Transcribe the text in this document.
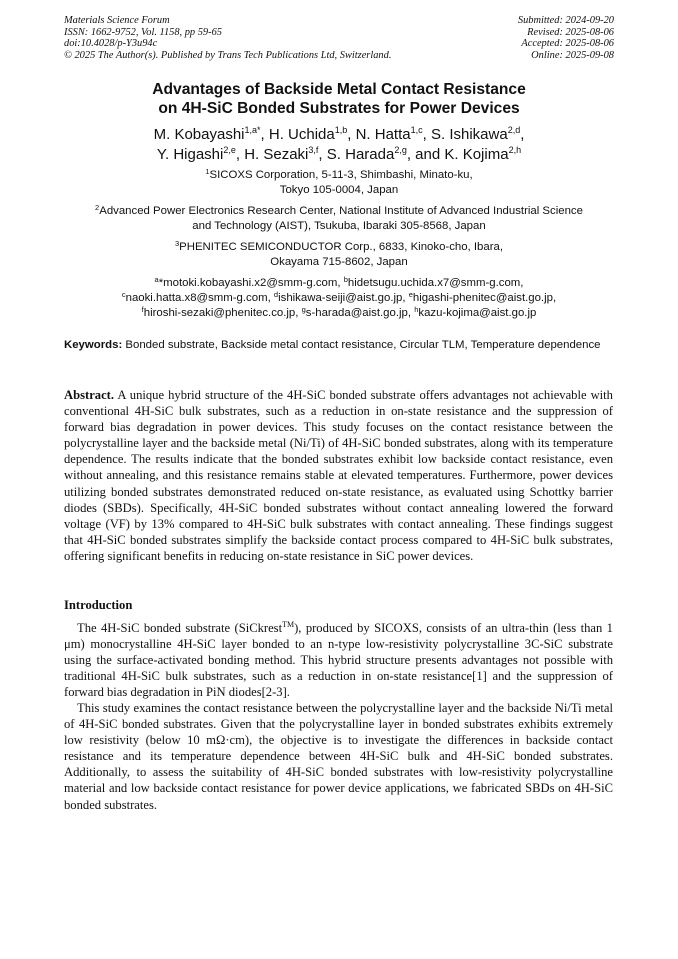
Materials Science Forum
ISSN: 1662-9752, Vol. 1158, pp 59-65
doi:10.4028/p-Y3u94c
© 2025 The Author(s). Published by Trans Tech Publications Ltd, Switzerland.
Submitted: 2024-09-20
Revised: 2025-08-06
Accepted: 2025-08-06
Online: 2025-09-08
Advantages of Backside Metal Contact Resistance
on 4H-SiC Bonded Substrates for Power Devices
M. Kobayashi$^{1,a*}$, H. Uchida$^{1,b}$, N. Hatta$^{1,c}$, S. Ishikawa$^{2,d}$,
Y. Higashi$^{2,e}$, H. Sezaki$^{3,f}$, S. Harada$^{2,g}$, and K. Kojima$^{2,h}$
$^1$SICOXS Corporation, 5-11-3, Shimbashi, Minato-ku,
Tokyo 105-0004, Japan
$^2$Advanced Power Electronics Research Center, National Institute of Advanced Industrial Science
and Technology (AIST), Tsukuba, Ibaraki 305-8568, Japan
$^3$PHENITEC SEMICONDUCTOR Corp., 6833, Kinoko-cho, Ibara,
Okayama 715-8602, Japan
$^a$*motoki.kobayashi.x2@smm-g.com, $^b$hidetsugu.uchida.x7@smm-g.com,
$^c$naoki.hatta.x8@smm-g.com, $^d$ishikawa-seiji@aist.go.jp, $^e$higashi-phenitec@aist.go.jp,
$^f$hiroshi-sezaki@phenitec.co.jp, $^g$s-harada@aist.go.jp, $^h$kazu-kojima@aist.go.jp
Keywords: Bonded substrate, Backside metal contact resistance, Circular TLM, Temperature dependence
Abstract. A unique hybrid structure of the 4H-SiC bonded substrate offers advantages not achievable with conventional 4H-SiC bulk substrates, such as a reduction in on-state resistance and the suppression of forward bias degradation in power devices. This study focuses on the contact resistance between the polycrystalline layer and the backside metal (Ni/Ti) of 4H-SiC bonded substrates, along with its temperature dependence. The results indicate that the bonded substrates exhibit low backside contact resistance, even without annealing, and this resistance remains stable at elevated temperatures. Furthermore, power devices utilizing bonded substrates demonstrated reduced on-state resistance, as evaluated using Schottky barrier diodes (SBDs). Specifically, 4H-SiC bonded substrates without contact annealing lowered the forward voltage (VF) by 13% compared to 4H-SiC bulk substrates with contact annealing. These findings suggest that 4H-SiC bonded substrates simplify the backside contact process compared to 4H-SiC bulk substrates, offering significant benefits in reducing on-state resistance in SiC power devices.
Introduction
The 4H-SiC bonded substrate (SiCkrest™), produced by SICOXS, consists of an ultra-thin (less than 1 μm) monocrystalline 4H-SiC layer bonded to an n-type low-resistivity polycrystalline 3C-SiC substrate using the surface-activated bonding method. This hybrid structure presents advantages not possible with traditional 4H-SiC bulk substrates, such as a reduction in on-state resistance[1] and the suppression of forward bias degradation in PiN diodes[2-3].
This study examines the contact resistance between the polycrystalline layer and the backside Ni/Ti metal of 4H-SiC bonded substrates. Given that the polycrystalline layer in bonded substrates exhibits extremely low resistivity (below 10 mΩ·cm), the objective is to investigate the differences in backside contact resistance and its temperature dependence between 4H-SiC bulk and 4H-SiC bonded substrates. Additionally, to assess the suitability of 4H-SiC bonded substrates with low-resistivity polycrystalline material and low backside contact resistance for power device applications, we fabricated SBDs on 4H-SiC bonded substrates.
